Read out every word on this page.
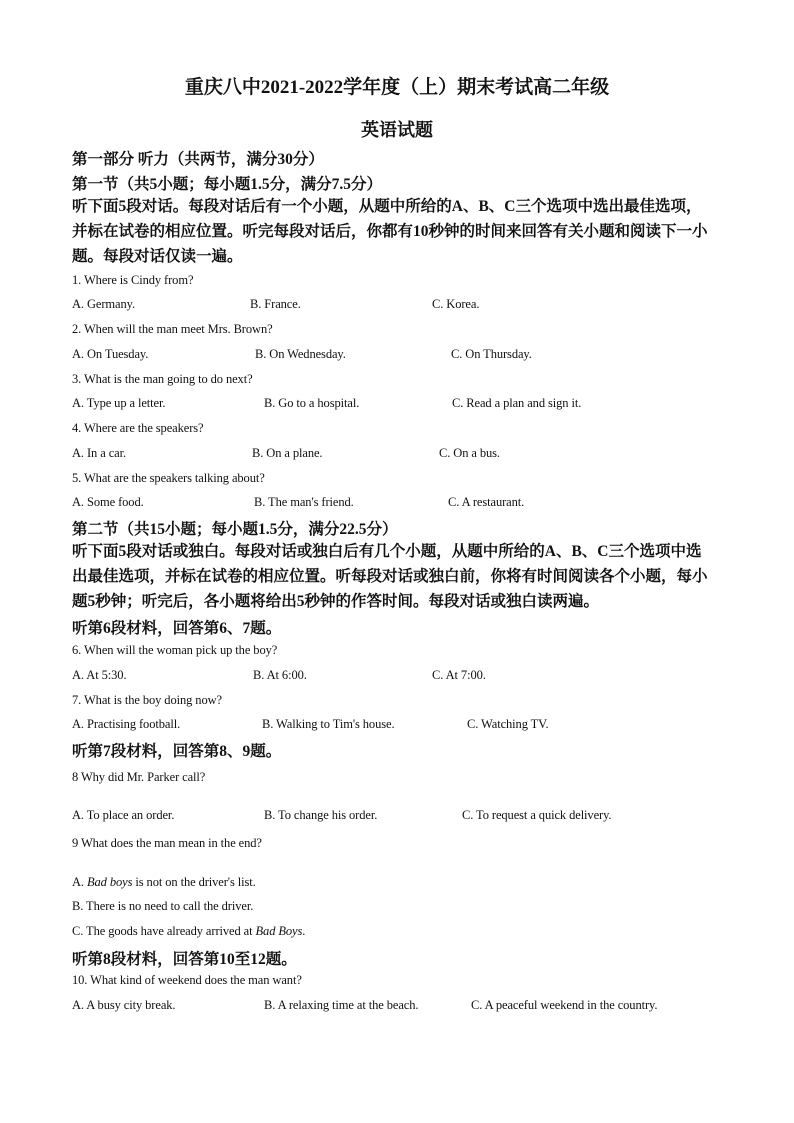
重庆八中2021-2022学年度（上）期末考试高二年级
英语试题
第一部分 听力（共两节，满分30分）
第一节（共5小题；每小题1.5分，满分7.5分）
听下面5段对话。每段对话后有一个小题，从题中所给的A、B、C三个选项中选出最佳选项，并标在试卷的相应位置。听完每段对话后，你都有10秒钟的时间来回答有关小题和阅读下一小题。每段对话仅读一遍。
1. Where is Cindy from?
A. Germany.	B. France.	C. Korea.
2. When will the man meet Mrs. Brown?
A. On Tuesday.	B. On Wednesday.	C. On Thursday.
3. What is the man going to do next?
A. Type up a letter.	B. Go to a hospital.	C. Read a plan and sign it.
4. Where are the speakers?
A. In a car.	B. On a plane.	C. On a bus.
5. What are the speakers talking about?
A. Some food.	B. The man's friend.	C. A restaurant.
第二节（共15小题；每小题1.5分，满分22.5分）
听下面5段对话或独白。每段对话或独白后有几个小题，从题中所给的A、B、C三个选项中选出最佳选项，并标在试卷的相应位置。听每段对话或独白前，你将有时间阅读各个小题，每小题5秒钟；听完后，各小题将给出5秒钟的作答时间。每段对话或独白读两遍。
听第6段材料，回答第6、7题。
6. When will the woman pick up the boy?
A. At 5:30.	B. At 6:00.	C. At 7:00.
7. What is the boy doing now?
A. Practising football.	B. Walking to Tim's house.	C. Watching TV.
听第7段材料，回答第8、9题。
8 Why did Mr. Parker call?
A. To place an order.	B. To change his order.	C. To request a quick delivery.
9 What does the man mean in the end?
A. Bad boys is not on the driver's list.
B. There is no need to call the driver.
C. The goods have already arrived at Bad Boys.
听第8段材料，回答第10至12题。
10. What kind of weekend does the man want?
A. A busy city break.	B. A relaxing time at the beach.	C. A peaceful weekend in the country.
